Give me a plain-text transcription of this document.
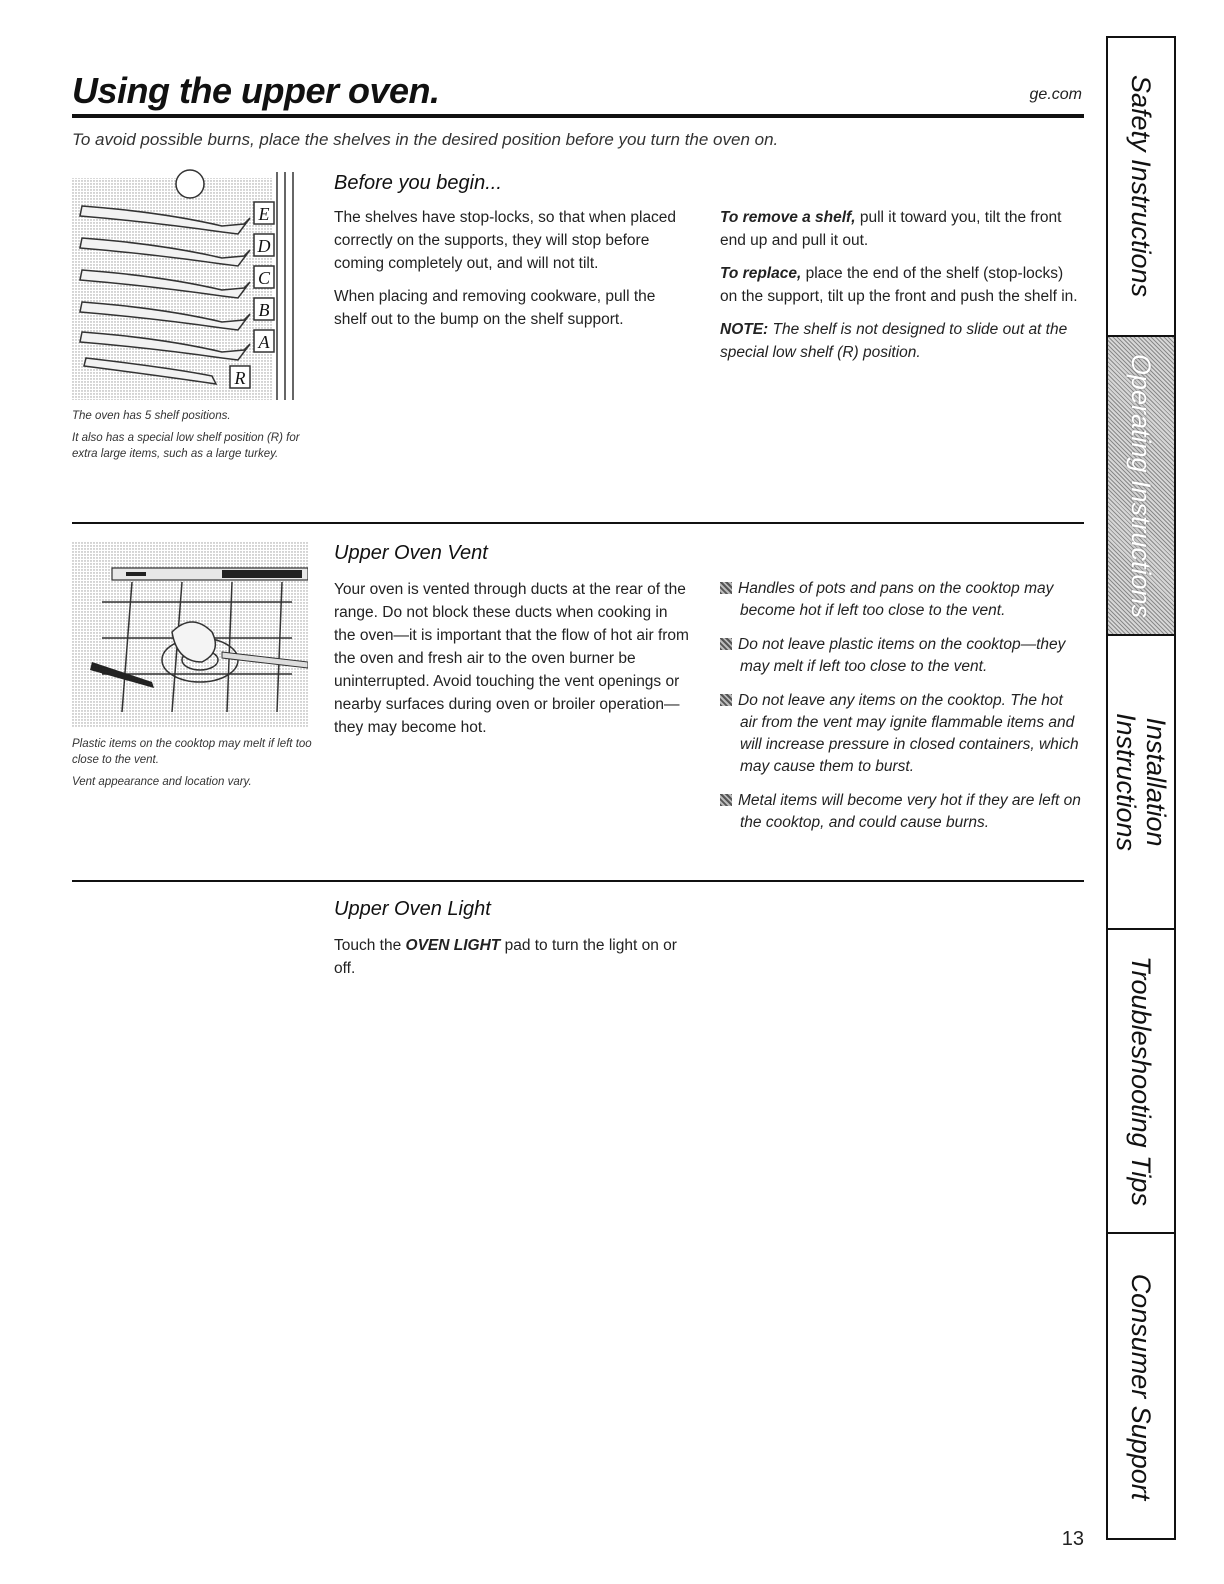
Using the upper oven.	ge.com
To avoid possible burns, place the shelves in the desired position before you turn the oven on.
E
D
C
B
A
R

The oven has 5 shelf positions.

It also has a special low shelf position (R) for extra large items, such as a large turkey.

Before you begin...

The shelves have stop-locks, so that when placed correctly on the supports, they will stop before coming completely out, and will not tilt.

When placing and removing cookware, pull the shelf out to the bump on the shelf support.

To remove a shelf, pull it toward you, tilt the front end up and pull it out.

To replace, place the end of the shelf (stop-locks) on the support, tilt up the front and push the shelf in.

NOTE: The shelf is not designed to slide out at the special low shelf (R) position.

Plastic items on the cooktop may melt if left too close to the vent.

Vent appearance and location vary.

Upper Oven Vent

Your oven is vented through ducts at the rear of the range. Do not block these ducts when cooking in the oven—it is important that the flow of hot air from the oven and fresh air to the oven burner be uninterrupted. Avoid touching the vent openings or nearby surfaces during oven or broiler operation—they may become hot.

Handles of pots and pans on the cooktop may become hot if left too close to the vent.

Do not leave plastic items on the cooktop—they may melt if left too close to the vent.

Do not leave any items on the cooktop. The hot air from the vent may ignite flammable items and will increase pressure in closed containers, which may cause them to burst.

Metal items will become very hot if they are left on the cooktop, and could cause burns.

Upper Oven Light

Touch the OVEN LIGHT pad to turn the light on or off.

Safety Instructions
Operating Instructions
Installation Instructions
Troubleshooting Tips
Consumer Support
13
